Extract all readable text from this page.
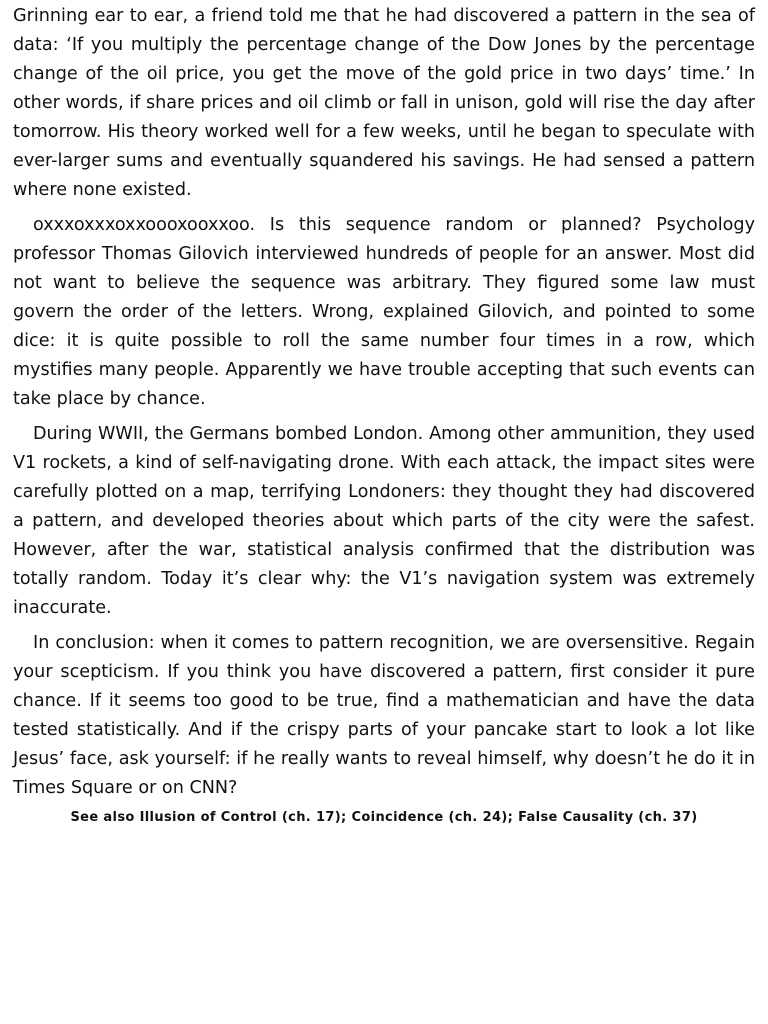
Grinning ear to ear, a friend told me that he had discovered a pattern in the sea of data: ‘If you multiply the percentage change of the Dow Jones by the percentage change of the oil price, you get the move of the gold price in two days’ time.’ In other words, if share prices and oil climb or fall in unison, gold will rise the day after tomorrow. His theory worked well for a few weeks, until he began to speculate with ever-larger sums and eventually squandered his savings. He had sensed a pattern where none existed.

oxxxoxxxoxxoooxooxxoo. Is this sequence random or planned? Psychology professor Thomas Gilovich interviewed hundreds of people for an answer. Most did not want to believe the sequence was arbitrary. They figured some law must govern the order of the letters. Wrong, explained Gilovich, and pointed to some dice: it is quite possible to roll the same number four times in a row, which mystifies many people. Apparently we have trouble accepting that such events can take place by chance.

During WWII, the Germans bombed London. Among other ammunition, they used V1 rockets, a kind of self-navigating drone. With each attack, the impact sites were carefully plotted on a map, terrifying Londoners: they thought they had discovered a pattern, and developed theories about which parts of the city were the safest. However, after the war, statistical analysis confirmed that the distribution was totally random. Today it’s clear why: the V1’s navigation system was extremely inaccurate.

In conclusion: when it comes to pattern recognition, we are oversensitive. Regain your scepticism. If you think you have discovered a pattern, first consider it pure chance. If it seems too good to be true, find a mathematician and have the data tested statistically. And if the crispy parts of your pancake start to look a lot like Jesus’ face, ask yourself: if he really wants to reveal himself, why doesn’t he do it in Times Square or on CNN?

See also Illusion of Control (ch. 17); Coincidence (ch. 24); False Causality (ch. 37)
